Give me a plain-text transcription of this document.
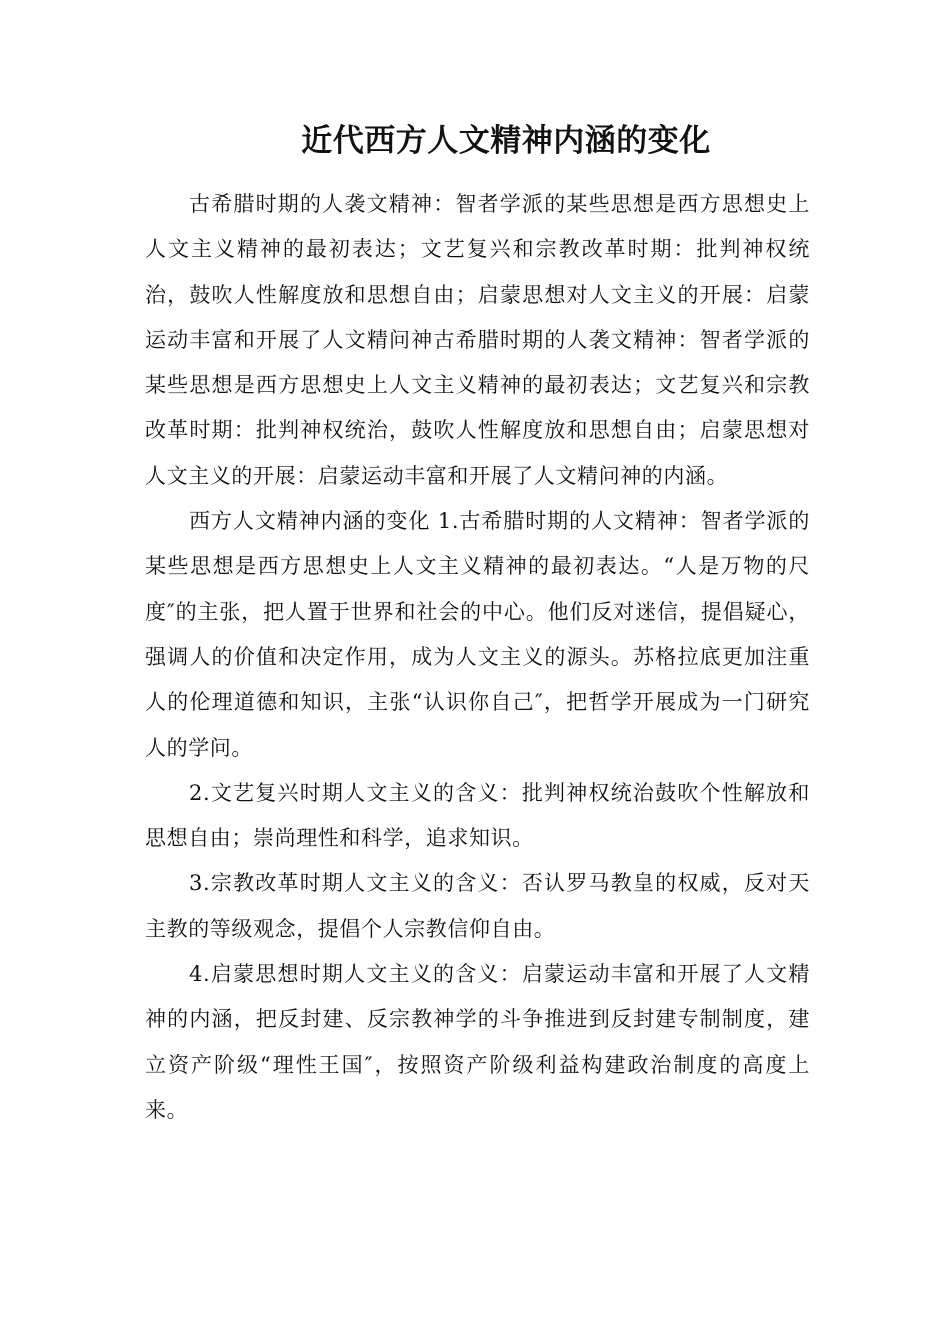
近代西方人文精神内涵的变化

古希腊时期的人袭文精神：智者学派的某些思想是西方思想史上人文主义精神的最初表达；文艺复兴和宗教改革时期：批判神权统治，鼓吹人性解度放和思想自由；启蒙思想对人文主义的开展：启蒙运动丰富和开展了人文精问神古希腊时期的人袭文精神：智者学派的某些思想是西方思想史上人文主义精神的最初表达；文艺复兴和宗教改革时期：批判神权统治，鼓吹人性解度放和思想自由；启蒙思想对人文主义的开展：启蒙运动丰富和开展了人文精问神的内涵。

西方人文精神内涵的变化 1.古希腊时期的人文精神：智者学派的某些思想是西方思想史上人文主义精神的最初表达。“人是万物的尺度″的主张，把人置于世界和社会的中心。他们反对迷信，提倡疑心，强调人的价值和决定作用，成为人文主义的源头。苏格拉底更加注重人的伦理道德和知识，主张“认识你自己″，把哲学开展成为一门研究人的学问。

2.文艺复兴时期人文主义的含义：批判神权统治鼓吹个性解放和思想自由；崇尚理性和科学，追求知识。

3.宗教改革时期人文主义的含义：否认罗马教皇的权威，反对天主教的等级观念，提倡个人宗教信仰自由。

4.启蒙思想时期人文主义的含义：启蒙运动丰富和开展了人文精神的内涵，把反封建、反宗教神学的斗争推进到反封建专制制度，建立资产阶级“理性王国″，按照资产阶级利益构建政治制度的高度上来。
